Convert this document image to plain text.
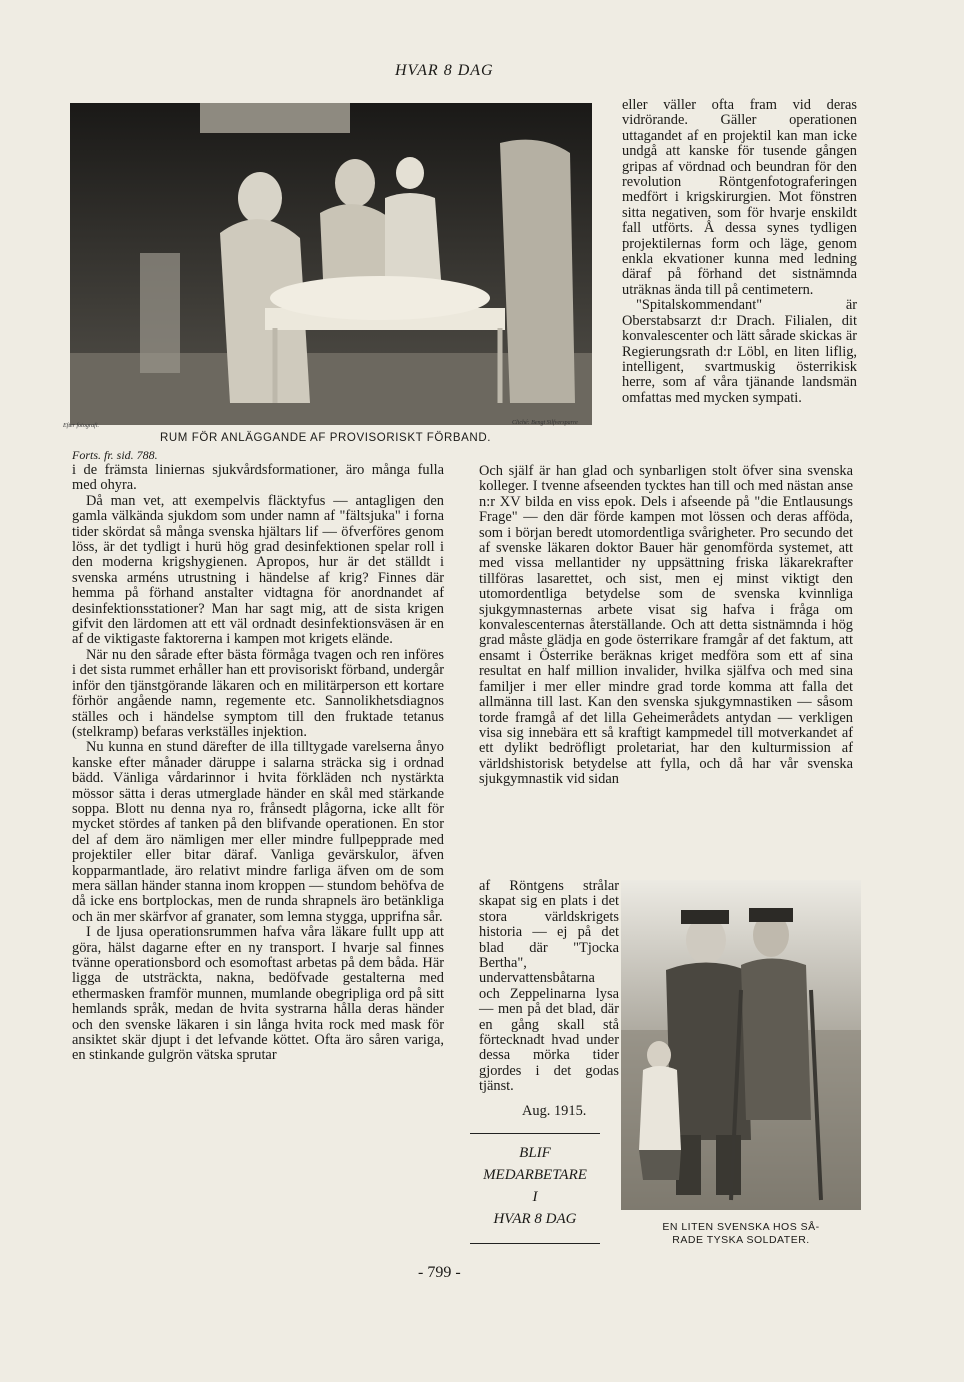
HVAR 8 DAG
Efter fotografi.	Cliché: Bengt Silfversparre
RUM FÖR ANLÄGGANDE AF PROVISORISKT FÖRBAND.
Forts. fr. sid. 788.

i de främsta liniernas sjukvårdsformationer, äro många fulla med ohyra.

Då man vet, att exempelvis fläcktyfus — antagligen den gamla välkända sjukdom som under namn af "fältsjuka" i forna tider skördat så många svenska hjältars lif — öfverföres genom löss, är det tydligt i hurü hög grad desinfektionen spelar roll i den moderna krigshygienen. Apropos, hur är det ställdt i svenska arméns utrustning i händelse af krig? Finnes där hemma på förhand anstalter vidtagna för anordnandet af desinfektionsstationer? Man har sagt mig, att de sista krigen gifvit den lärdomen att ett väl ordnadt desinfektionsväsen är en af de viktigaste faktorerna i kampen mot krigets elände.

När nu den sårade efter bästa förmåga tvagen och ren införes i det sista rummet erhåller han ett provisoriskt förband, undergår inför den tjänstgörande läkaren och en militärperson ett kortare förhör angående namn, regemente etc. Sannolikhetsdiagnos ställes och i händelse symptom till den fruktade tetanus (stelkramp) befaras verkställes injektion.

Nu kunna en stund därefter de illa tilltygade varelserna ånyo kanske efter månader däruppe i salarna sträcka sig i ordnad bädd. Vänliga vårdarinnor i hvita förkläden nch nystärkta mössor sätta i deras utmerglade händer en skål med stärkande soppa. Blott nu denna nya ro, frånsedt plågorna, icke allt för mycket stördes af tanken på den blifvande operationen. En stor del af dem äro nämligen mer eller mindre fullpepprade med projektiler eller bitar däraf. Vanliga gevärskulor, äfven kopparmantlade, äro relativt mindre farliga äfven om de som mera sällan händer stanna inom kroppen — stundom behöfva de då icke ens bortplockas, men de runda shrapnels äro betänkliga och än mer skärfvor af granater, som lemna stygga, upprifna sår.

I de ljusa operationsrummen hafva våra läkare fullt upp att göra, hälst dagarne efter en ny transport. I hvarje sal finnes tvänne operationsbord och esomoftast arbetas på dem båda. Här ligga de utsträckta, nakna, bedöfvade gestalterna med ethermasken framför munnen, mumlande obegripliga ord på sitt hemlands språk, medan de hvita systrarna hålla deras händer och den svenske läkaren i sin långa hvita rock med mask för ansiktet skär djupt i det lefvande köttet. Ofta äro såren variga, en stinkande gulgrön vätska sprutar

eller väller ofta fram vid deras vidrörande. Gäller operationen uttagandet af en projektil kan man icke undgå att kanske för tusende gången gripas af vördnad och beundran för den revolution Röntgenfotograferingen medfört i krigskirurgien. Mot fönstren sitta negativen, som för hvarje enskildt fall utförts. Å dessa synes tydligen projektilernas form och läge, genom enkla ekvationer kunna med ledning däraf på förhand det sistnämnda uträknas ända till på centimetern.

"Spitalskommendant" är Oberstabsarzt d:r Drach. Filialen, dit konvalescenter och lätt sårade skickas är Regierungsrath d:r Löbl, en liten liflig, intelligent, svartmuskig österrikisk herre, som af våra tjänande landsmän omfattas med mycken sympati.

Och själf är han glad och synbarligen stolt öfver sina svenska kolleger. I tvenne afseenden tycktes han till och med nästan anse n:r XV bilda en viss epok. Dels i afseende på "die Entlausungs Frage" — den där förde kampen mot lössen och deras afföda, som i början beredt utomordentliga svårigheter. Pro secundo det af svenske läkaren doktor Bauer här genomförda systemet, att med vissa mellantider ny uppsättning friska läkarekrafter tillföras lasarettet, och sist, men ej minst viktigt den utomordentliga betydelse som de svenska kvinnliga sjukgymnasternas arbete visat sig hafva i fråga om konvalescenternas återställande. Och att detta sistnämnda i hög grad måste glädja en gode österrikare framgår af det faktum, att ensamt i Österrike beräknas kriget medföra som ett af sina resultat en half million invalider, hvilka själfva och med sina familjer i mer eller mindre grad torde komma att falla det allmänna till last. Kan den svenska sjukgymnastiken — såsom torde framgå af det lilla Geheimerådets antydan — verkligen visa sig innebära ett så kraftigt kampmedel till motverkandet af ett dylikt bedröfligt proletariat, har den kulturmission af världshistorisk betydelse att fylla, och då har vår svenska sjukgymnastik vid sidan

af Röntgens strålar skapat sig en plats i det stora världskrigets historia — ej på det blad där "Tjocka Bertha", undervattensbåtarna och Zeppelinarna lysa — men på det blad, där en gång skall stå förtecknadt hvad under dessa mörka tider gjordes i det godas tjänst.

Aug. 1915.
BLIF
MEDARBETARE
I
HVAR 8 DAG	EN LITEN SVENSKA HOS SÅ-
RADE TYSKA SOLDATER.
- 799 -
